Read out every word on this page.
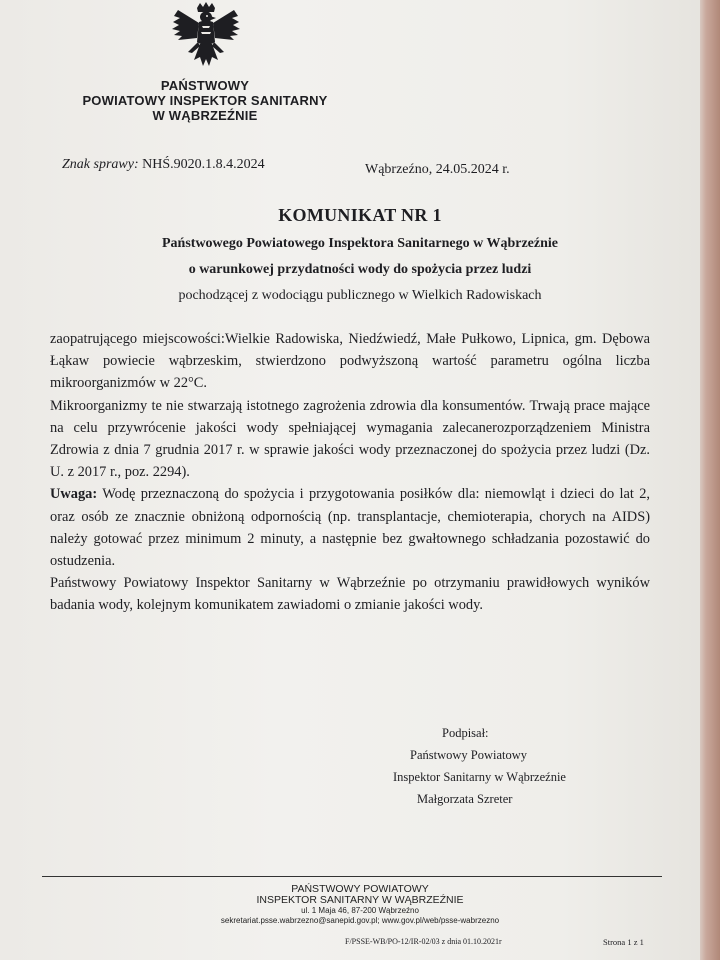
PAŃSTWOWY
POWIATOWY INSPEKTOR SANITARNY
W WĄBRZEŹNIE
Znak sprawy: NHŚ.9020.1.8.4.2024	Wąbrzeźno, 24.05.2024 r.
KOMUNIKAT NR 1
Państwowego Powiatowego Inspektora Sanitarnego w Wąbrzeźnie
o warunkowej przydatności wody do spożycia przez ludzi
pochodzącej z wodociągu publicznego w Wielkich Radowiskach

zaopatrującego miejscowości:Wielkie Radowiska, Niedźwiedź, Małe Pułkowo, Lipnica, gm. Dębowa Łąkaw powiecie wąbrzeskim, stwierdzono podwyższoną wartość parametru ogólna liczba mikroorganizmów w 22°C.

Mikroorganizmy te nie stwarzają istotnego zagrożenia zdrowia dla konsumentów. Trwają prace mające na celu przywrócenie jakości wody spełniającej wymagania zalecanerozporządzeniem Ministra Zdrowia z dnia 7 grudnia 2017 r. w sprawie jakości wody przeznaczonej do spożycia przez ludzi (Dz. U. z 2017 r., poz. 2294).

Uwaga: Wodę przeznaczoną do spożycia i przygotowania posiłków dla: niemowląt i dzieci do lat 2, oraz osób ze znacznie obniżoną odpornością (np. transplantacje, chemioterapia, chorych na AIDS) należy gotować przez minimum 2 minuty, a następnie bez gwałtownego schładzania pozostawić do ostudzenia.

Państwowy Powiatowy Inspektor Sanitarny w Wąbrzeźnie po otrzymaniu prawidłowych wyników badania wody, kolejnym komunikatem zawiadomi o zmianie jakości wody.

Podpisał:
Państwowy Powiatowy
Inspektor Sanitarny w Wąbrzeźnie
Małgorzata Szreter
PAŃSTWOWY POWIATOWY
INSPEKTOR SANITARNY W WĄBRZEŹNIE
ul. 1 Maja 46, 87-200 Wąbrzeźno
sekretariat.psse.wabrzezno@sanepid.gov.pl; www.gov.pl/web/psse-wabrzezno
F/PSSE-WB/PO-12/IR-02/03 z dnia 01.10.2021r	Strona 1 z 1
